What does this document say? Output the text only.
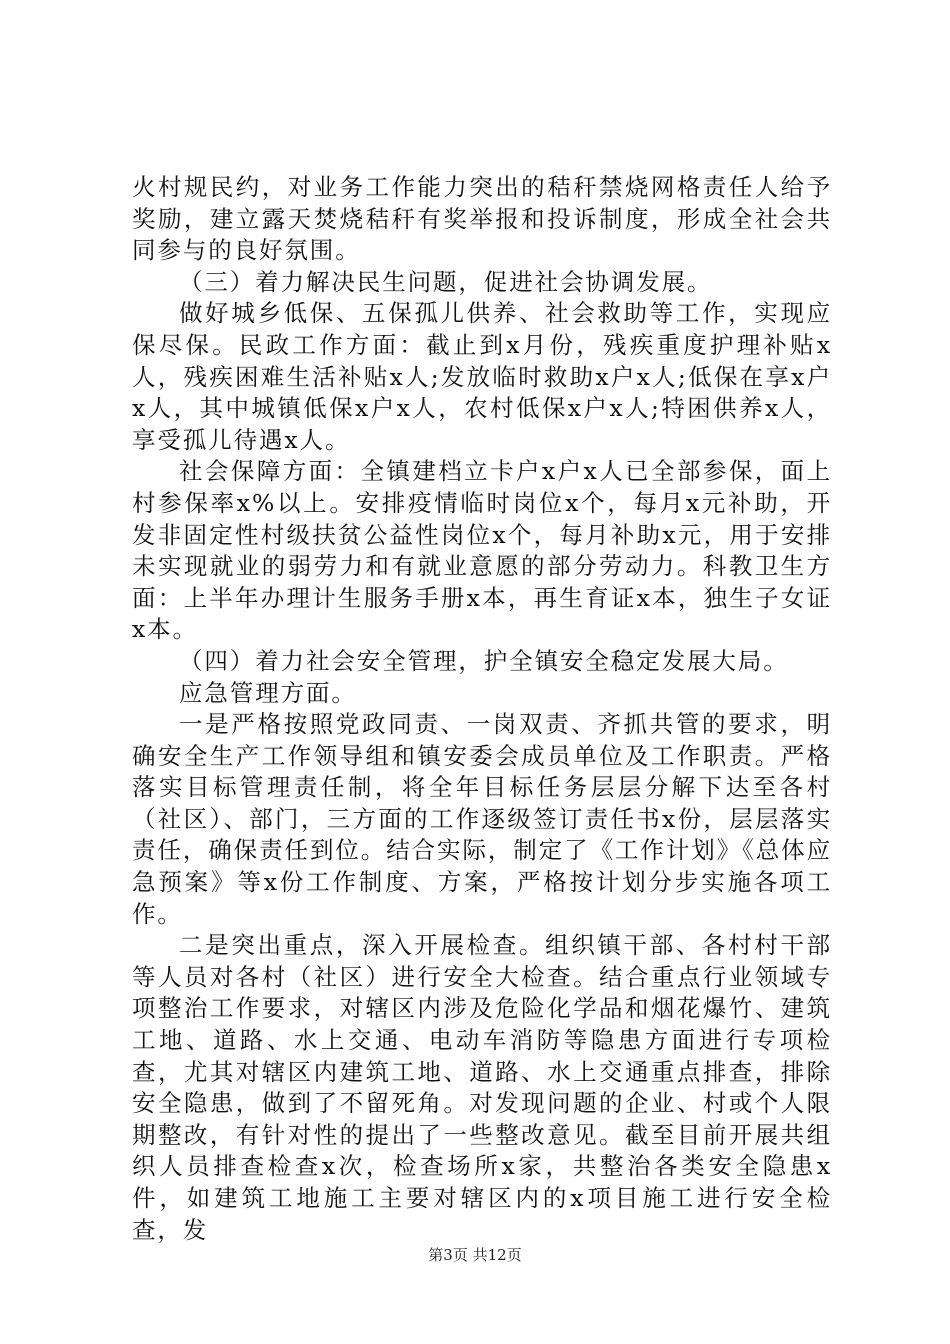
火村规民约，对业务工作能力突出的秸秆禁烧网格责任人给予奖励，建立露天焚烧秸秆有奖举报和投诉制度，形成全社会共同参与的良好氛围。

（三）着力解决民生问题，促进社会协调发展。

做好城乡低保、五保孤儿供养、社会救助等工作，实现应保尽保。民政工作方面：截止到x月份，残疾重度护理补贴x人，残疾困难生活补贴x人;发放临时救助x户x人;低保在享x户x人，其中城镇低保x户x人，农村低保x户x人;特困供养x人，享受孤儿待遇x人。

社会保障方面：全镇建档立卡户x户x人已全部参保，面上村参保率x%以上。安排疫情临时岗位x个，每月x元补助，开发非固定性村级扶贫公益性岗位x个，每月补助x元，用于安排未实现就业的弱劳力和有就业意愿的部分劳动力。科教卫生方面：上半年办理计生服务手册x本，再生育证x本，独生子女证x本。

（四）着力社会安全管理，护全镇安全稳定发展大局。

应急管理方面。

一是严格按照党政同责、一岗双责、齐抓共管的要求，明确安全生产工作领导组和镇安委会成员单位及工作职责。严格落实目标管理责任制，将全年目标任务层层分解下达至各村（社区）、部门，三方面的工作逐级签订责任书x份，层层落实责任，确保责任到位。结合实际，制定了《工作计划》《总体应急预案》等x份工作制度、方案，严格按计划分步实施各项工作。

二是突出重点，深入开展检查。组织镇干部、各村村干部等人员对各村（社区）进行安全大检查。结合重点行业领域专项整治工作要求，对辖区内涉及危险化学品和烟花爆竹、建筑工地、道路、水上交通、电动车消防等隐患方面进行专项检查，尤其对辖区内建筑工地、道路、水上交通重点排查，排除安全隐患，做到了不留死角。对发现问题的企业、村或个人限期整改，有针对性的提出了一些整改意见。截至目前开展共组织人员排查检查x次，检查场所x家，共整治各类安全隐患x件，如建筑工地施工主要对辖区内的x项目施工进行安全检查，发

第3页 共12页
